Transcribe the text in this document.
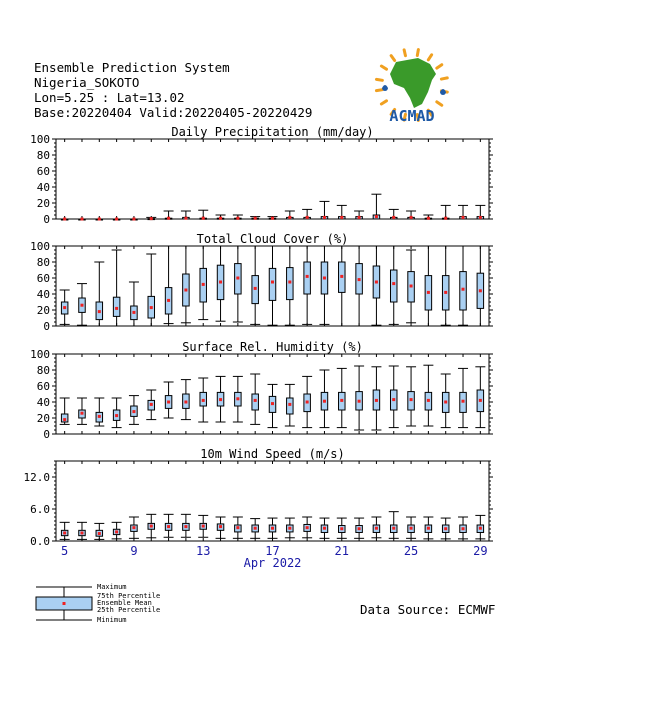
ACMAD
Daily Precipitation (mm/day)
0
20
40
60
80
100
Total Cloud Cover (%)
0
20
40
60
80
100
Surface Rel. Humidity (%)
0
20
40
60
80
100
10m Wind Speed (m/s)
0.0
6.0
12.0
5	9	13	17	21	25	29
Apr 2022
Ensemble Prediction System
Nigeria_SOKOTO
Lon=5.25 : Lat=13.02
Base:20220404 Valid:20220405-20220429
Data Source: ECMWF
Maximum
75th Percentile
Ensemble Mean
25th Percentile
Minimum
